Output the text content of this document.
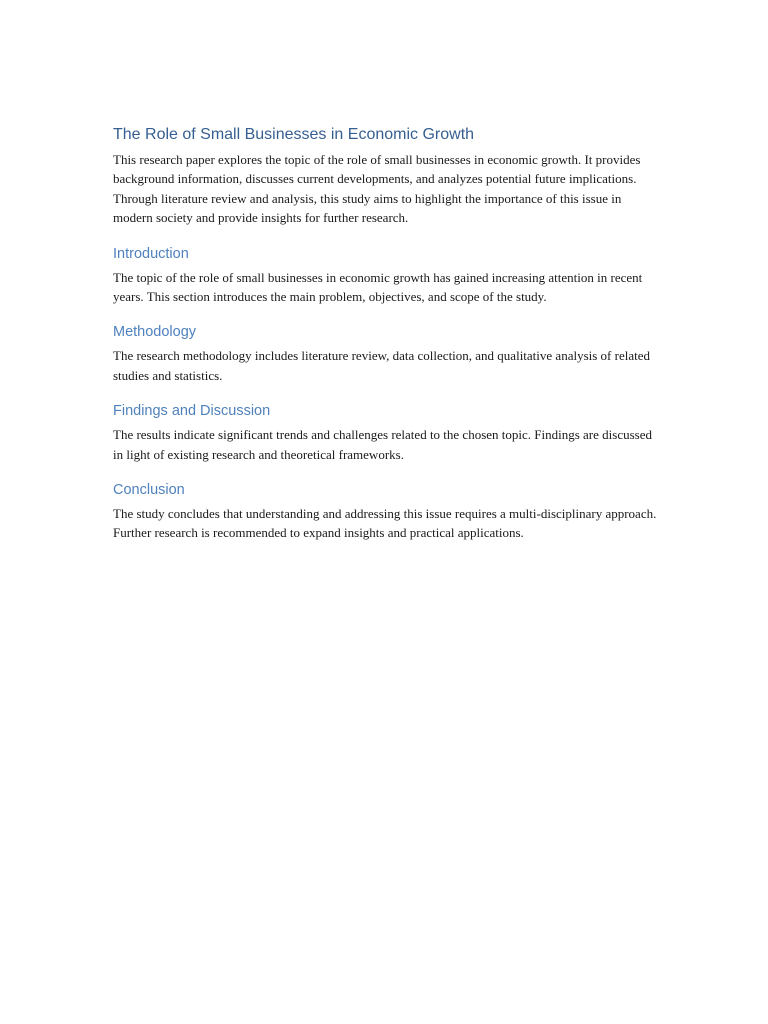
The Role of Small Businesses in Economic Growth

This research paper explores the topic of the role of small businesses in economic growth. It provides background information, discusses current developments, and analyzes potential future implications. Through literature review and analysis, this study aims to highlight the importance of this issue in modern society and provide insights for further research.

Introduction

The topic of the role of small businesses in economic growth has gained increasing attention in recent years. This section introduces the main problem, objectives, and scope of the study.

Methodology

The research methodology includes literature review, data collection, and qualitative analysis of related studies and statistics.

Findings and Discussion

The results indicate significant trends and challenges related to the chosen topic. Findings are discussed in light of existing research and theoretical frameworks.

Conclusion

The study concludes that understanding and addressing this issue requires a multi-disciplinary approach. Further research is recommended to expand insights and practical applications.
